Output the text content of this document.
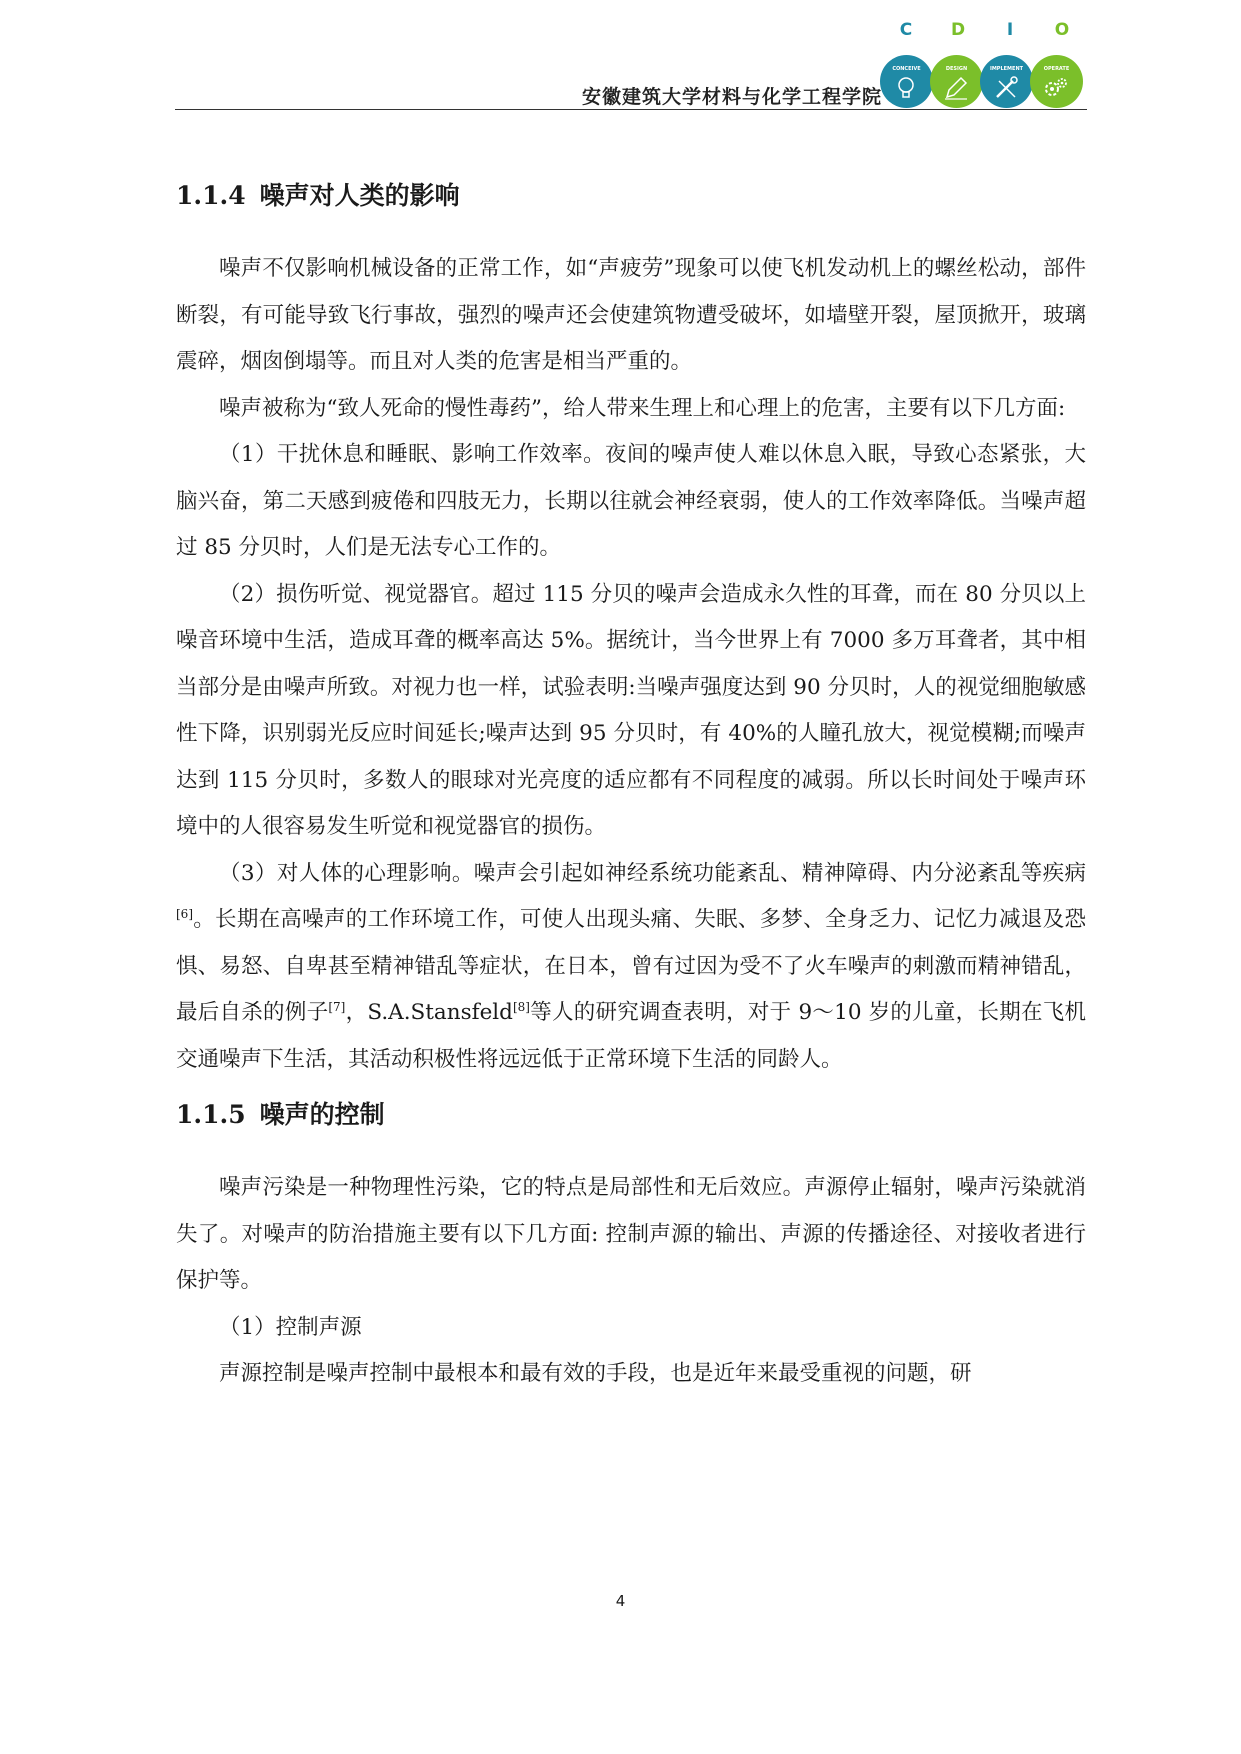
C	D	I	O
CONCEIVE	DESIGN	IMPLEMENT	OPERATE
安徽建筑大学材料与化学工程学院
1.1.4 噪声对人类的影响

噪声不仅影响机械设备的正常工作，如“声疲劳”现象可以使飞机发动机上的螺丝松动，部件断裂，有可能导致飞行事故，强烈的噪声还会使建筑物遭受破坏，如墙壁开裂，屋顶掀开，玻璃震碎，烟囱倒塌等。而且对人类的危害是相当严重的。

噪声被称为“致人死命的慢性毒药”，给人带来生理上和心理上的危害，主要有以下几方面:

（1）干扰休息和睡眠、影响工作效率。夜间的噪声使人难以休息入眠，导致心态紧张，大脑兴奋，第二天感到疲倦和四肢无力，长期以往就会神经衰弱，使人的工作效率降低。当噪声超过 85 分贝时，人们是无法专心工作的。

（2）损伤听觉、视觉器官。超过 115 分贝的噪声会造成永久性的耳聋，而在 80 分贝以上噪音环境中生活，造成耳聋的概率高达 5%。据统计，当今世界上有 7000 多万耳聋者，其中相当部分是由噪声所致。对视力也一样，试验表明:当噪声强度达到 90 分贝时，人的视觉细胞敏感性下降，识别弱光反应时间延长;噪声达到 95 分贝时，有 40%的人瞳孔放大，视觉模糊;而噪声达到 115 分贝时，多数人的眼球对光亮度的适应都有不同程度的减弱。所以长时间处于噪声环境中的人很容易发生听觉和视觉器官的损伤。

（3）对人体的心理影响。噪声会引起如神经系统功能紊乱、精神障碍、内分泌紊乱等疾病[6]。长期在高噪声的工作环境工作，可使人出现头痛、失眠、多梦、全身乏力、记忆力减退及恐惧、易怒、自卑甚至精神错乱等症状，在日本，曾有过因为受不了火车噪声的刺激而精神错乱，最后自杀的例子[7]，S.A.Stansfeld[8]等人的研究调查表明，对于 9～10 岁的儿童，长期在飞机交通噪声下生活，其活动积极性将远远低于正常环境下生活的同龄人。

1.1.5 噪声的控制

噪声污染是一种物理性污染，它的特点是局部性和无后效应。声源停止辐射，噪声污染就消失了。对噪声的防治措施主要有以下几方面: 控制声源的输出、声源的传播途径、对接收者进行保护等。

（1）控制声源

声源控制是噪声控制中最根本和最有效的手段，也是近年来最受重视的问题，研

4
